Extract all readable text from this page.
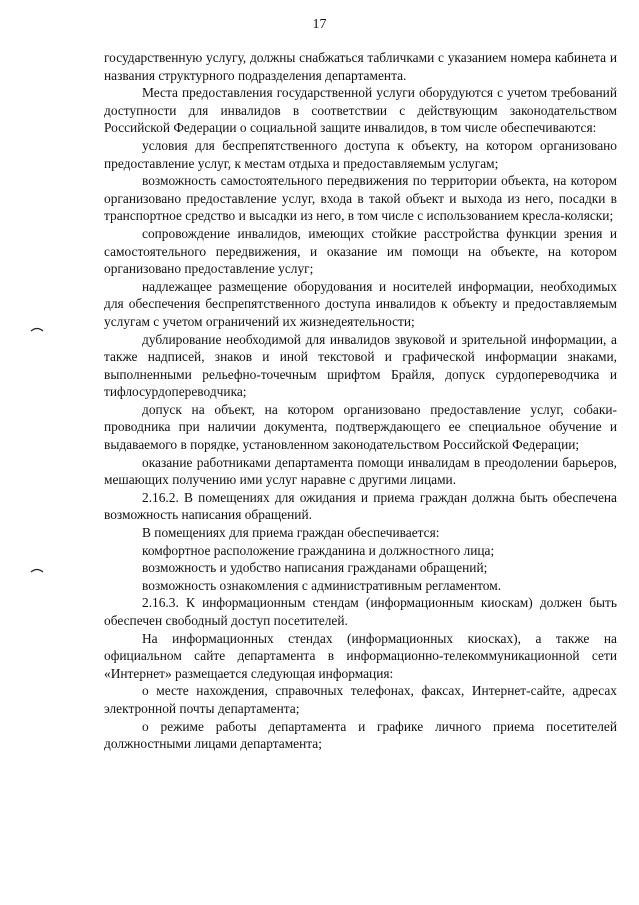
17

государственную услугу, должны снабжаться табличками с указанием номера кабинета и названия структурного подразделения департамента.

Места предоставления государственной услуги оборудуются с учетом требований доступности для инвалидов в соответствии с действующим законодательством Российской Федерации о социальной защите инвалидов, в том числе обеспечиваются:

условия для беспрепятственного доступа к объекту, на котором организовано предоставление услуг, к местам отдыха и предоставляемым услугам;

возможность самостоятельного передвижения по территории объекта, на котором организовано предоставление услуг, входа в такой объект и выхода из него, посадки в транспортное средство и высадки из него, в том числе с использованием кресла-коляски;

сопровождение инвалидов, имеющих стойкие расстройства функции зрения и самостоятельного передвижения, и оказание им помощи на объекте, на котором организовано предоставление услуг;

надлежащее размещение оборудования и носителей информации, необходимых для обеспечения беспрепятственного доступа инвалидов к объекту и предоставляемым услугам с учетом ограничений их жизнедеятельности;

дублирование необходимой для инвалидов звуковой и зрительной информации, а также надписей, знаков и иной текстовой и графической информации знаками, выполненными рельефно-точечным шрифтом Брайля, допуск сурдопереводчика и тифлосурдопереводчика;

допуск на объект, на котором организовано предоставление услуг, собаки-проводника при наличии документа, подтверждающего ее специальное обучение и выдаваемого в порядке, установленном законодательством Российской Федерации;

оказание работниками департамента помощи инвалидам в преодолении барьеров, мешающих получению ими услуг наравне с другими лицами.

2.16.2. В помещениях для ожидания и приема граждан должна быть обеспечена возможность написания обращений.

В помещениях для приема граждан обеспечивается:

комфортное расположение гражданина и должностного лица;

возможность и удобство написания гражданами обращений;

возможность ознакомления с административным регламентом.

2.16.3. К информационным стендам (информационным киоскам) должен быть обеспечен свободный доступ посетителей.

На информационных стендах (информационных киосках), а также на официальном сайте департамента в информационно-телекоммуникационной сети «Интернет» размещается следующая информация:

о месте нахождения, справочных телефонах, факсах, Интернет-сайте, адресах электронной почты департамента;

о режиме работы департамента и графике личного приема посетителей должностными лицами департамента;
